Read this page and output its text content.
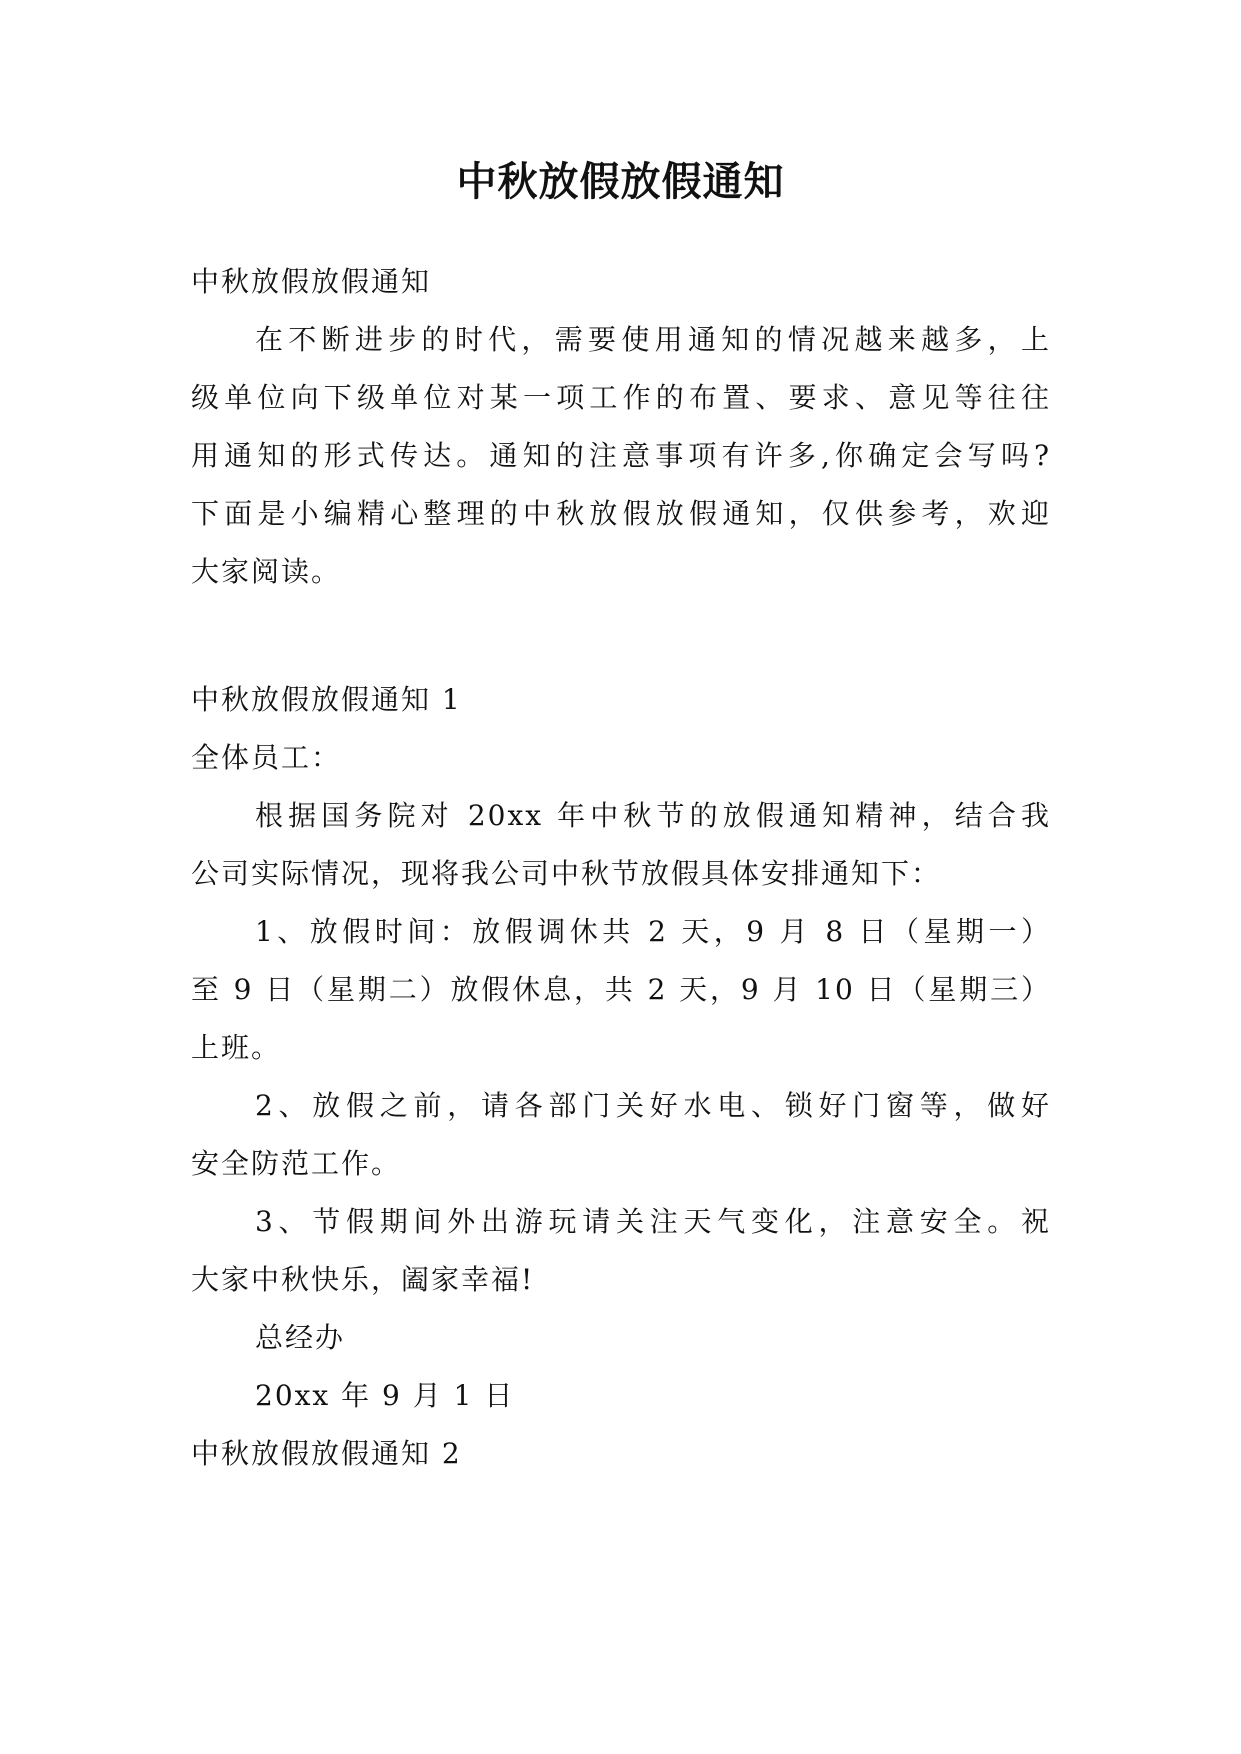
中秋放假放假通知
中秋放假放假通知
在不断进步的时代，需要使用通知的情况越来越多，上
级单位向下级单位对某一项工作的布置、要求、意见等往往
用通知的形式传达。通知的注意事项有许多,你确定会写吗?
下面是小编精心整理的中秋放假放假通知，仅供参考，欢迎
大家阅读。
中秋放假放假通知 1
全体员工：
根据国务院对 20xx 年中秋节的放假通知精神，结合我
公司实际情况，现将我公司中秋节放假具体安排通知下：
1、放假时间：放假调休共 2 天，9 月 8 日（星期一）
至 9 日（星期二）放假休息，共 2 天，9 月 10 日（星期三）
上班。
2、放假之前，请各部门关好水电、锁好门窗等，做好
安全防范工作。
3、节假期间外出游玩请关注天气变化，注意安全。祝
大家中秋快乐，阖家幸福!
总经办
20xx 年 9 月 1 日
中秋放假放假通知 2
